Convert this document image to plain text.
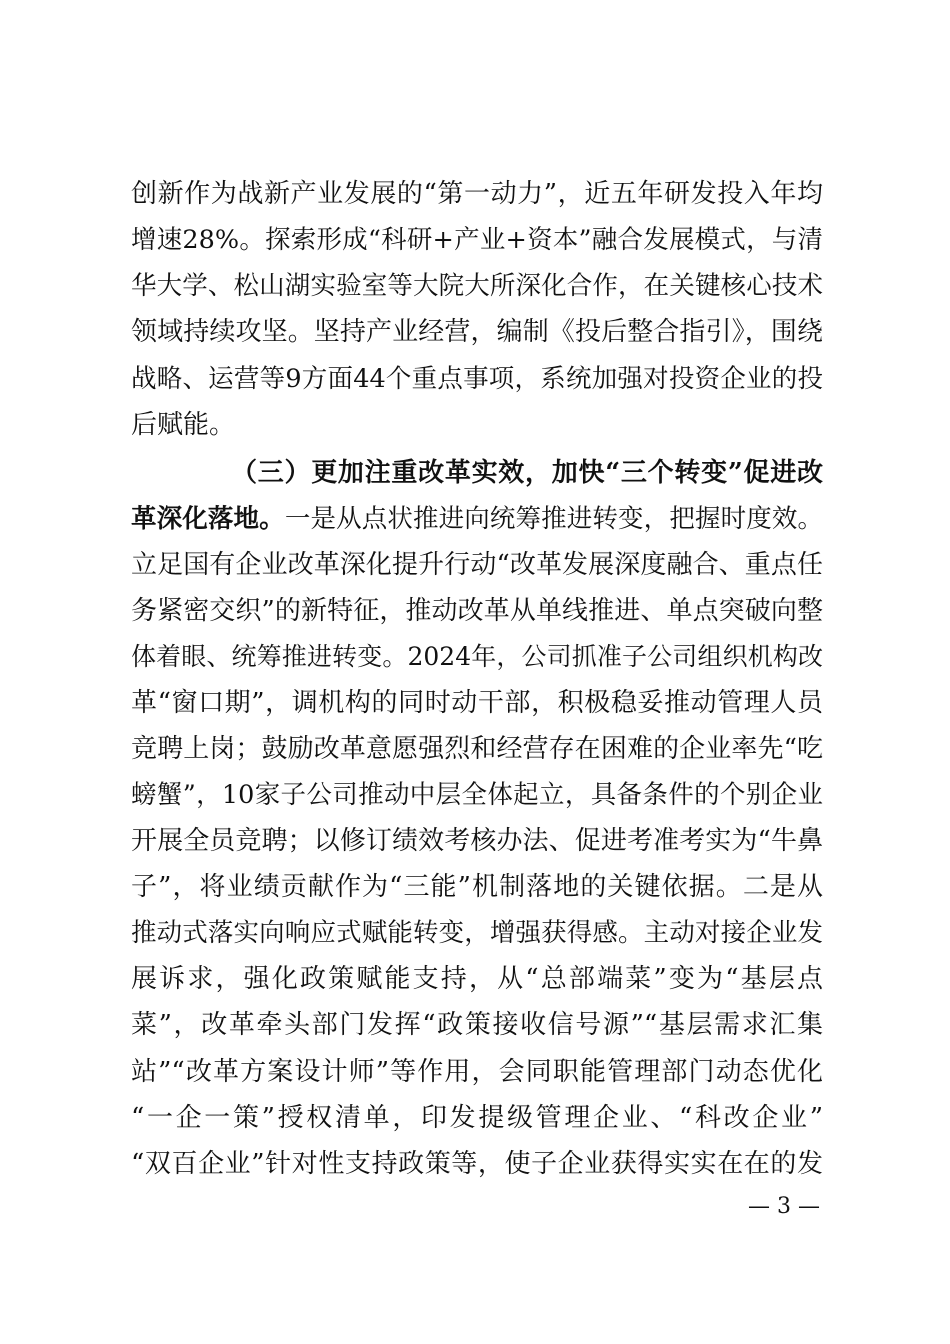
创新作为战新产业发展的“第一动力”，近五年研发投入年均
增速28%。探索形成“科研+产业+资本”融合发展模式，与清
华大学、松山湖实验室等大院大所深化合作，在关键核心技术
领域持续攻坚。坚持产业经营，编制《投后整合指引》，围绕
战略、运营等9方面44个重点事项，系统加强对投资企业的投
后赋能。
（三）更加注重改革实效，加快“三个转变”促进改
革深化落地。一是从点状推进向统筹推进转变，把握时度效。
立足国有企业改革深化提升行动“改革发展深度融合、重点任
务紧密交织”的新特征，推动改革从单线推进、单点突破向整
体着眼、统筹推进转变。2024年，公司抓准子公司组织机构改
革“窗口期”，调机构的同时动干部，积极稳妥推动管理人员
竞聘上岗；鼓励改革意愿强烈和经营存在困难的企业率先“吃
螃蟹”，10家子公司推动中层全体起立，具备条件的个别企业
开展全员竞聘；以修订绩效考核办法、促进考准考实为“牛鼻
子”，将业绩贡献作为“三能”机制落地的关键依据。二是从
推动式落实向响应式赋能转变，增强获得感。主动对接企业发
展诉求，强化政策赋能支持，从“总部端菜”变为“基层点
菜”，改革牵头部门发挥“政策接收信号源”“基层需求汇集
站”“改革方案设计师”等作用，会同职能管理部门动态优化
“一企一策”授权清单，印发提级管理企业、“科改企业”
“双百企业”针对性支持政策等，使子企业获得实实在在的发
— 3 —
